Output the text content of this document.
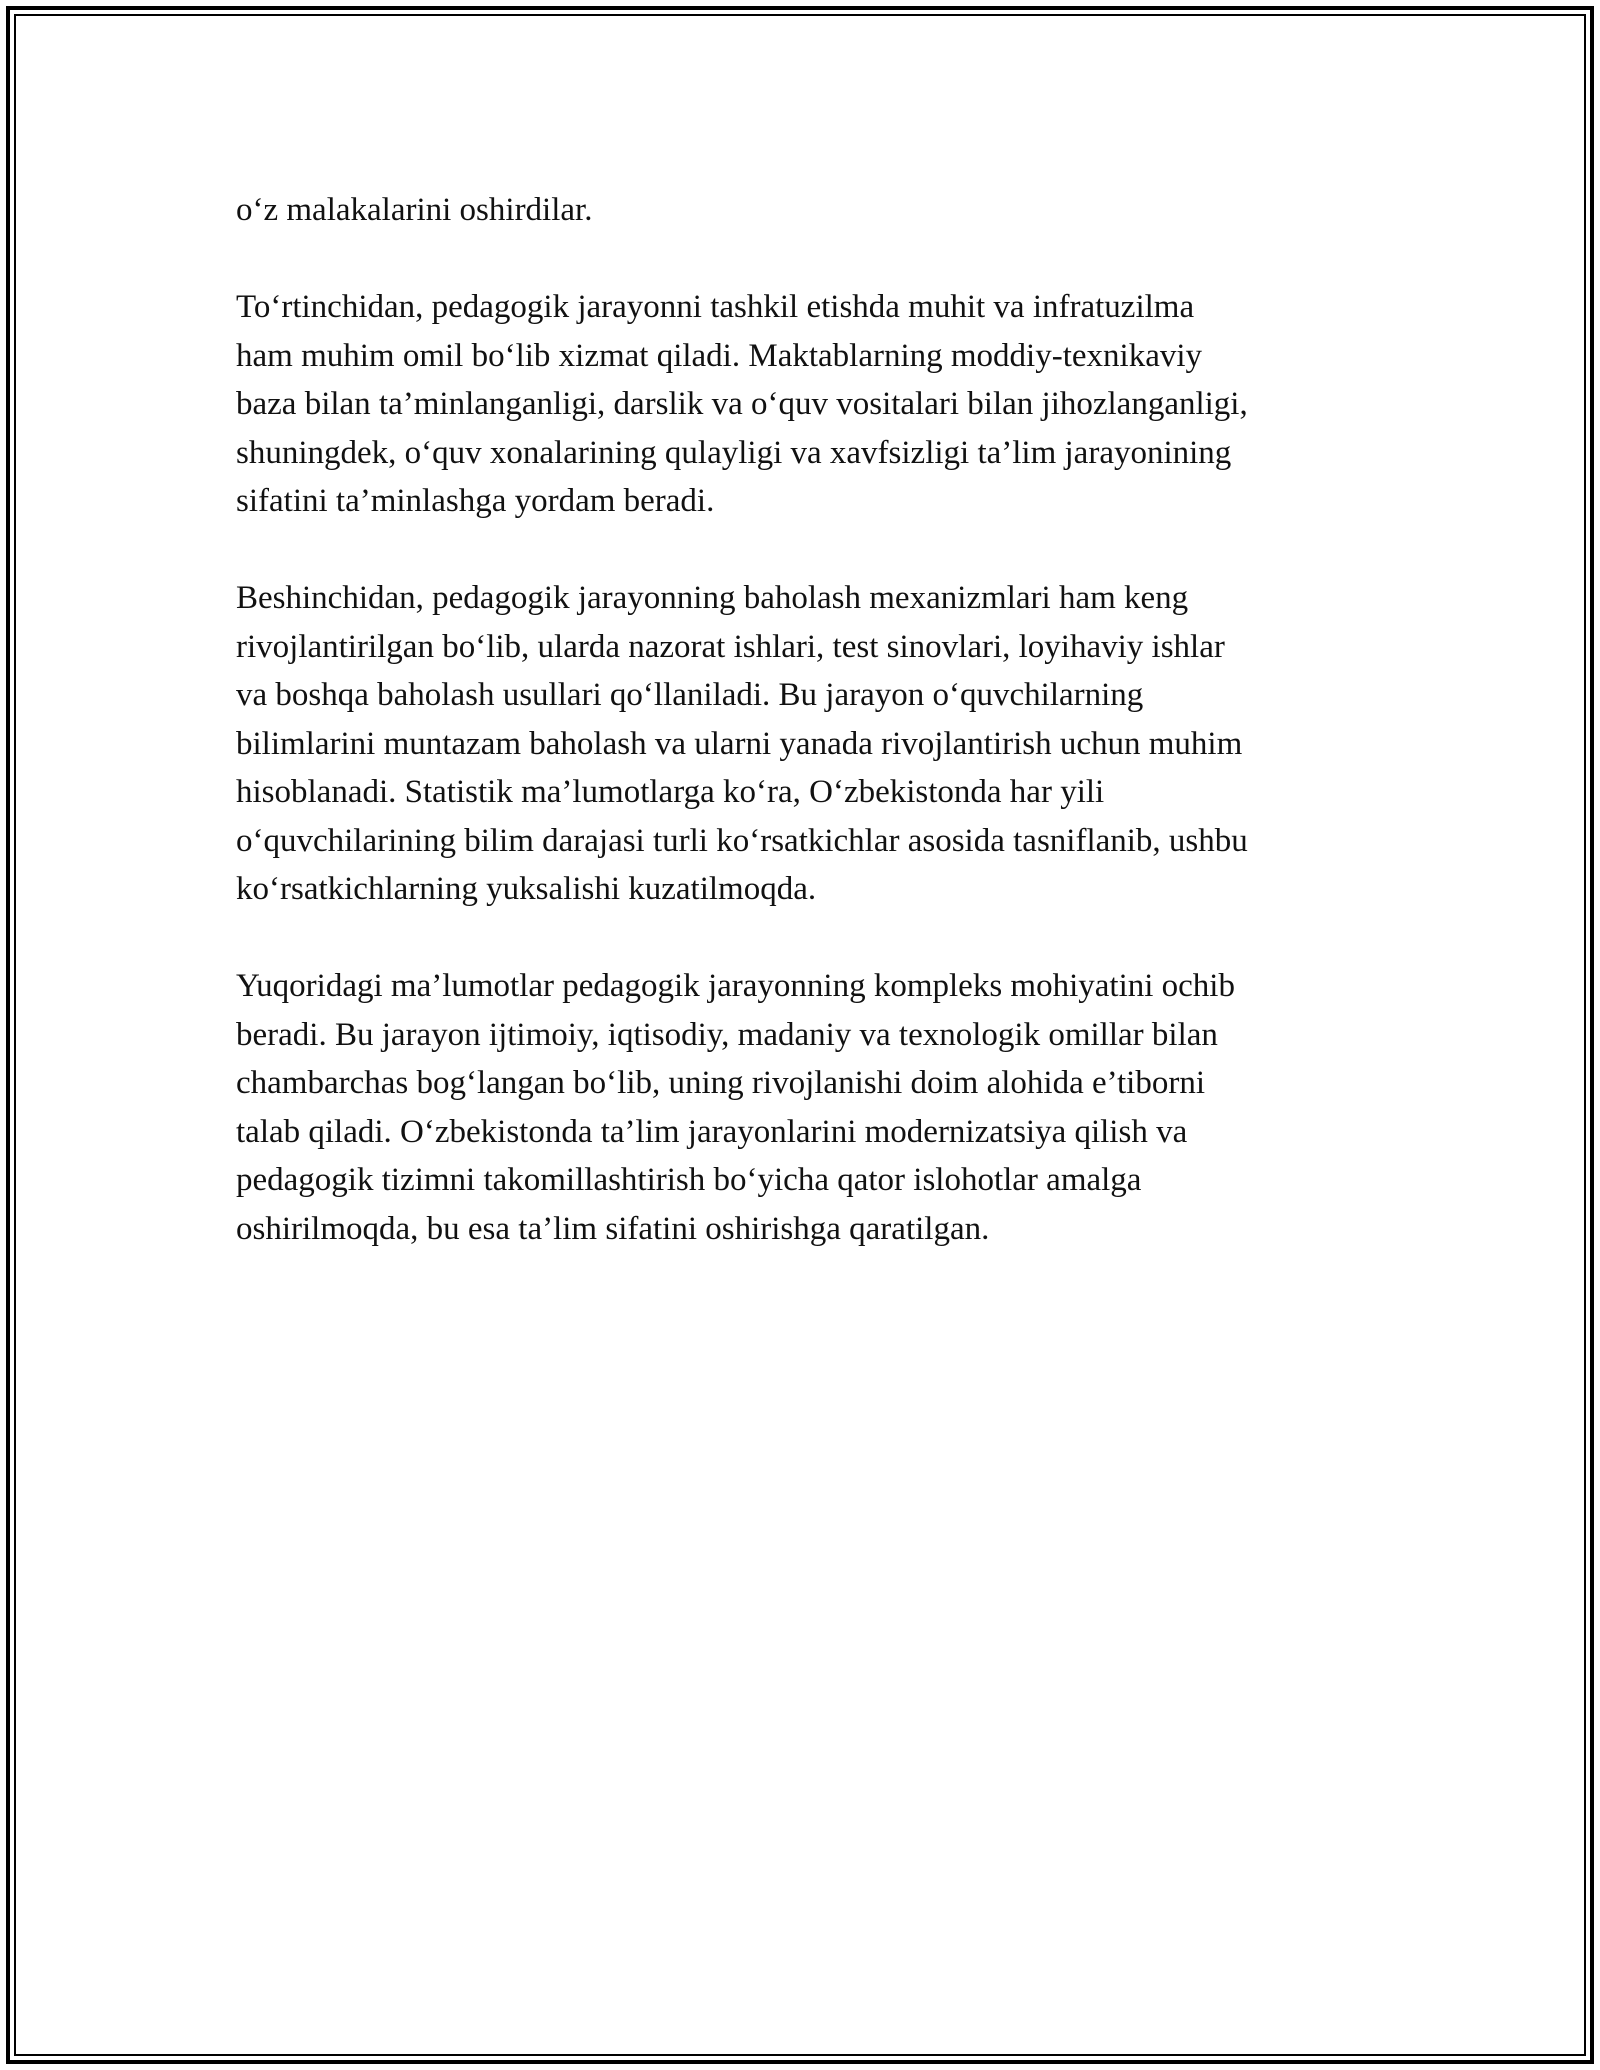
o‘z malakalarini oshirdilar.

To‘rtinchidan, pedagogik jarayonni tashkil etishda muhit va infratuzilma
ham muhim omil bo‘lib xizmat qiladi. Maktablarning moddiy-texnikaviy
baza bilan ta’minlanganligi, darslik va o‘quv vositalari bilan jihozlanganligi,
shuningdek, o‘quv xonalarining qulayligi va xavfsizligi ta’lim jarayonining
sifatini ta’minlashga yordam beradi.

Beshinchidan, pedagogik jarayonning baholash mexanizmlari ham keng
rivojlantirilgan bo‘lib, ularda nazorat ishlari, test sinovlari, loyihaviy ishlar
va boshqa baholash usullari qo‘llaniladi. Bu jarayon o‘quvchilarning
bilimlarini muntazam baholash va ularni yanada rivojlantirish uchun muhim
hisoblanadi. Statistik ma’lumotlarga ko‘ra, O‘zbekistonda har yili
o‘quvchilarining bilim darajasi turli ko‘rsatkichlar asosida tasniflanib, ushbu
ko‘rsatkichlarning yuksalishi kuzatilmoqda.

Yuqoridagi ma’lumotlar pedagogik jarayonning kompleks mohiyatini ochib
beradi. Bu jarayon ijtimoiy, iqtisodiy, madaniy va texnologik omillar bilan
chambarchas bog‘langan bo‘lib, uning rivojlanishi doim alohida e’tiborni
talab qiladi. O‘zbekistonda ta’lim jarayonlarini modernizatsiya qilish va
pedagogik tizimni takomillashtirish bo‘yicha qator islohotlar amalga
oshirilmoqda, bu esa ta’lim sifatini oshirishga qaratilgan.
